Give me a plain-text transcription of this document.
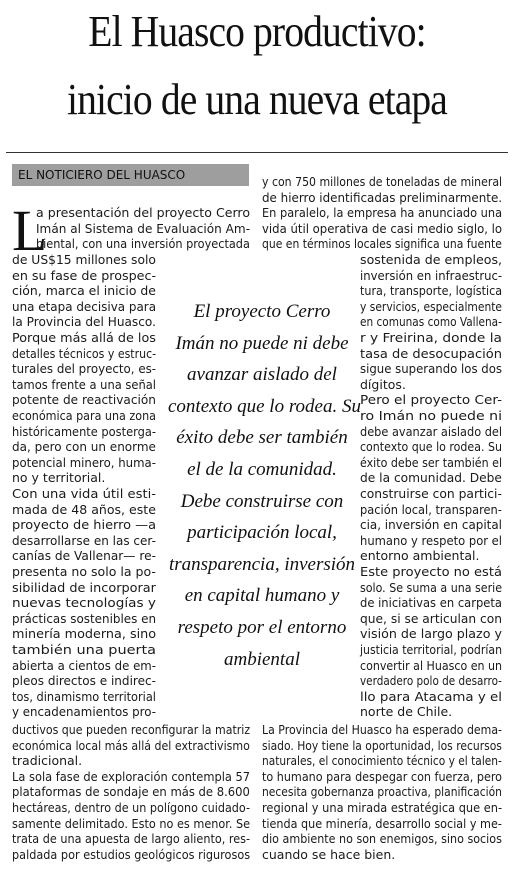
El Huasco productivo:
inicio de una nueva etapa
EL NOTICIERO DEL HUASCO
L
a presentación del proyecto Cerro
Imán al Sistema de Evaluación Am-
biental, con una inversión proyectada
de US$15 millones solo
en su fase de prospec-
ción, marca el inicio de
una etapa decisiva para
la Provincia del Huasco.
Porque más allá de los
detalles técnicos y estruc-
turales del proyecto, es-
tamos frente a una señal
potente de reactivación
económica para una zona
históricamente posterga-
da, pero con un enorme
potencial minero, huma-
no y territorial.
Con una vida útil esti-
mada de 48 años, este
proyecto de hierro —a
desarrollarse en las cer-
canías de Vallenar— re-
presenta no solo la po-
sibilidad de incorporar
nuevas tecnologías y
prácticas sostenibles en
minería moderna, sino
también una puerta
abierta a cientos de em-
pleos directos e indirec-
tos, dinamismo territorial
y encadenamientos pro-
ductivos que pueden reconfigurar la matriz
económica local más allá del extractivismo
tradicional.
La sola fase de exploración contempla 57
plataformas de sondaje en más de 8.600
hectáreas, dentro de un polígono cuidado-
samente delimitado. Esto no es menor. Se
trata de una apuesta de largo aliento, res-
paldada por estudios geológicos rigurosos
y con 750 millones de toneladas de mineral
de hierro identificadas preliminarmente.
En paralelo, la empresa ha anunciado una
vida útil operativa de casi medio siglo, lo
que en términos locales significa una fuente
sostenida de empleos,
inversión en infraestruc-
tura, transporte, logística
y servicios, especialmente
en comunas como Vallena-
r y Freirina, donde la
tasa de desocupación
sigue superando los dos
dígitos.
Pero el proyecto Cer-
ro Imán no puede ni
debe avanzar aislado del
contexto que lo rodea. Su
éxito debe ser también el
de la comunidad. Debe
construirse con partici-
pación local, transparen-
cia, inversión en capital
humano y respeto por el
entorno ambiental.
Este proyecto no está
solo. Se suma a una serie
de iniciativas en carpeta
que, si se articulan con
visión de largo plazo y
justicia territorial, podrían
convertir al Huasco en un
verdadero polo de desarro-
llo para Atacama y el
norte de Chile.
La Provincia del Huasco ha esperado dema-
siado. Hoy tiene la oportunidad, los recursos
naturales, el conocimiento técnico y el talen-
to humano para despegar con fuerza, pero
necesita gobernanza proactiva, planificación
regional y una mirada estratégica que en-
tienda que minería, desarrollo social y me-
dio ambiente no son enemigos, sino socios
cuando se hace bien.
El proyecto Cerro
Imán no puede ni debe
avanzar aislado del
contexto que lo rodea. Su
éxito debe ser también
el de la comunidad.
Debe construirse con
participación local,
transparencia, inversión
en capital humano y
respeto por el entorno
ambiental
